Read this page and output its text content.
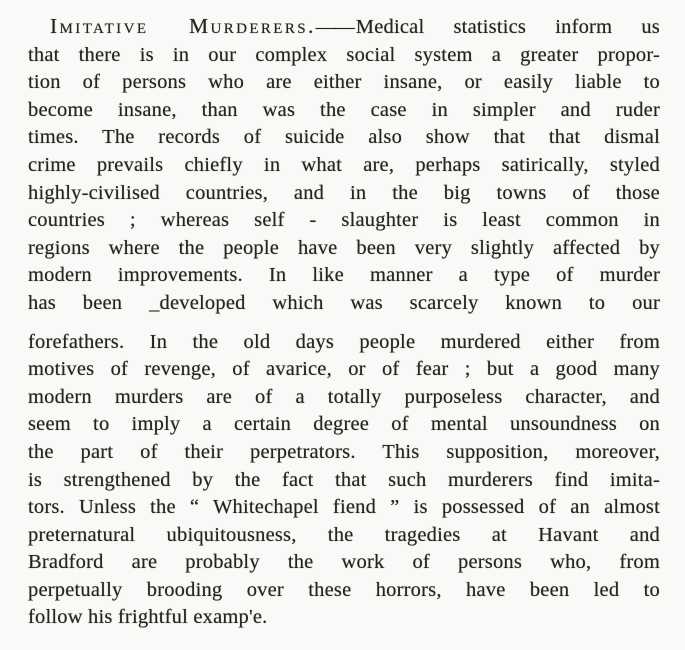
Imitative Murderers.—— Medical statistics inform us
that there is in our complex social system a greater propor-
tion of persons who are either insane, or easily liable to
become insane, than was the case in simpler and ruder
times. The records of suicide also show that that dismal
crime prevails chiefly in what are, perhaps satirically, styled
highly-civilised countries, and in the big towns of those
countries ; whereas self - slaughter is least common in
regions where the people have been very slightly affected by
modern improvements. In like manner a type of murder
has been _developed which was scarcely known to our
forefathers. In the old days people murdered either from
motives of revenge, of avarice, or of fear ; but a good many
modern murders are of a totally purposeless character, and
seem to imply a certain degree of mental unsoundness on
the part of their perpetrators. This supposition, moreover,
is strengthened by the fact that such murderers find imita-
tors. Unless the “ Whitechapel fiend ” is possessed of an almost
preternatural ubiquitousness, the tragedies at Havant and
Bradford are probably the work of persons who, from
perpetually brooding over these horrors, have been led to
follow his frightful examp'e.
